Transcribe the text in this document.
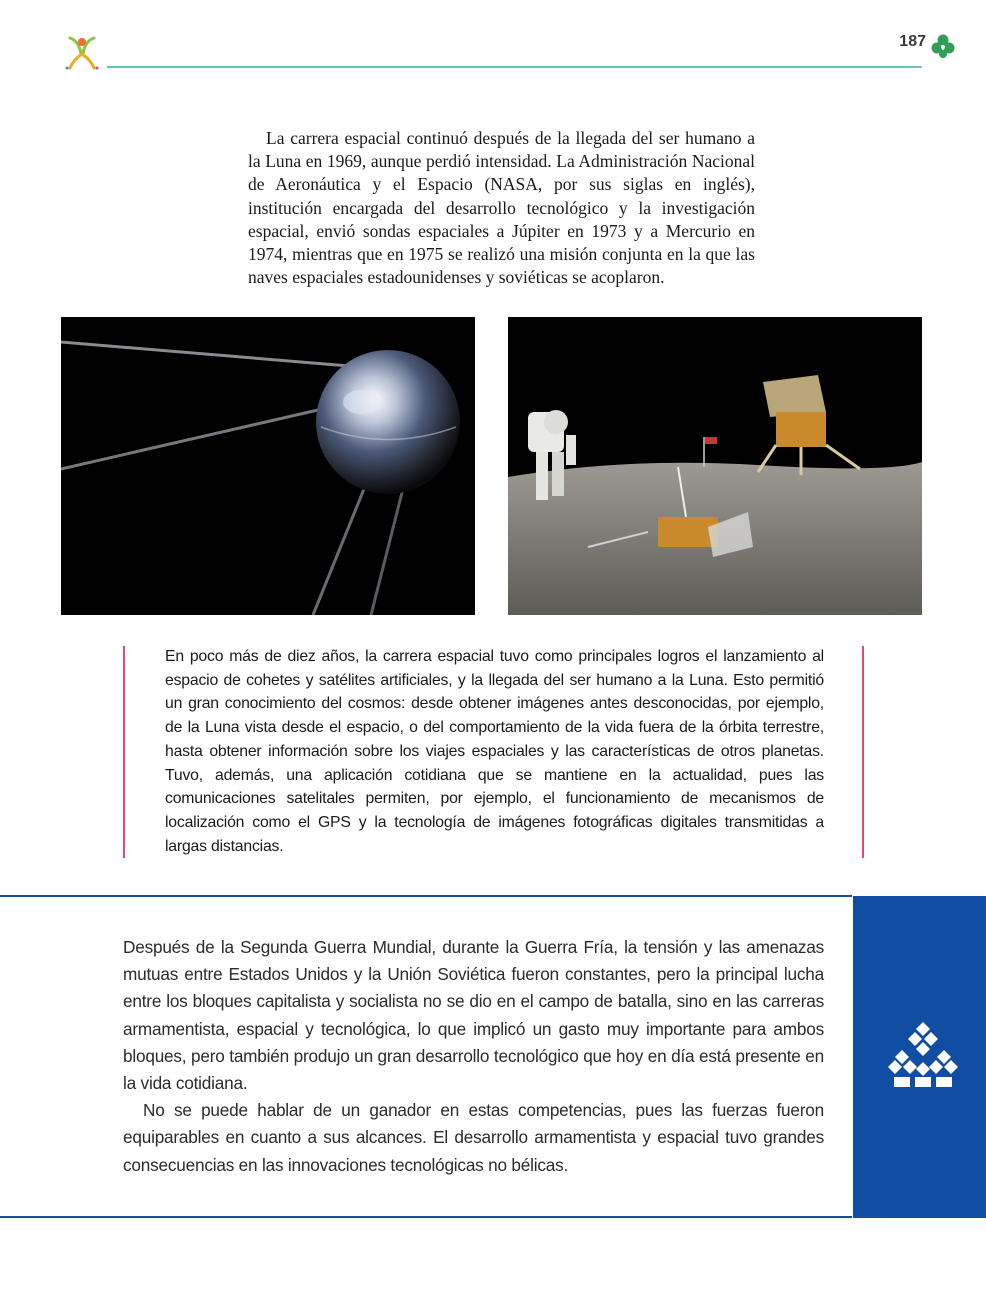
187
La carrera espacial continuó después de la llegada del ser humano a la Luna en 1969, aunque perdió intensidad. La Administración Nacional de Aeronáutica y el Espacio (NASA, por sus siglas en inglés), institución encargada del desarrollo tecnológico y la investigación espacial, envió sondas espaciales a Júpiter en 1973 y a Mercurio en 1974, mientras que en 1975 se realizó una misión conjunta en la que las naves espaciales estadounidenses y soviéticas se acoplaron.
En poco más de diez años, la carrera espacial tuvo como principales logros el lanzamiento al espacio de cohetes y satélites artificiales, y la llegada del ser humano a la Luna. Esto permitió un gran conocimiento del cosmos: desde obtener imágenes antes desconocidas, por ejemplo, de la Luna vista desde el espacio, o del comportamiento de la vida fuera de la órbita terrestre, hasta obtener información sobre los viajes espaciales y las características de otros planetas. Tuvo, además, una aplicación cotidiana que se mantiene en la actualidad, pues las comunicaciones satelitales permiten, por ejemplo, el funcionamiento de mecanismos de localización como el GPS y la tecnología de imágenes fotográficas digitales transmitidas a largas distancias.

Después de la Segunda Guerra Mundial, durante la Guerra Fría, la tensión y las amenazas mutuas entre Estados Unidos y la Unión Soviética fueron constantes, pero la principal lucha entre los bloques capitalista y socialista no se dio en el campo de batalla, sino en las carreras armamentista, espacial y tecnológica, lo que implicó un gasto muy importante para ambos bloques, pero también produjo un gran desarrollo tecnológico que hoy en día está presente en la vida cotidiana.

No se puede hablar de un ganador en estas competencias, pues las fuerzas fueron equiparables en cuanto a sus alcances. El desarrollo armamentista y espacial tuvo grandes consecuencias en las innovaciones tecnológicas no bélicas.
